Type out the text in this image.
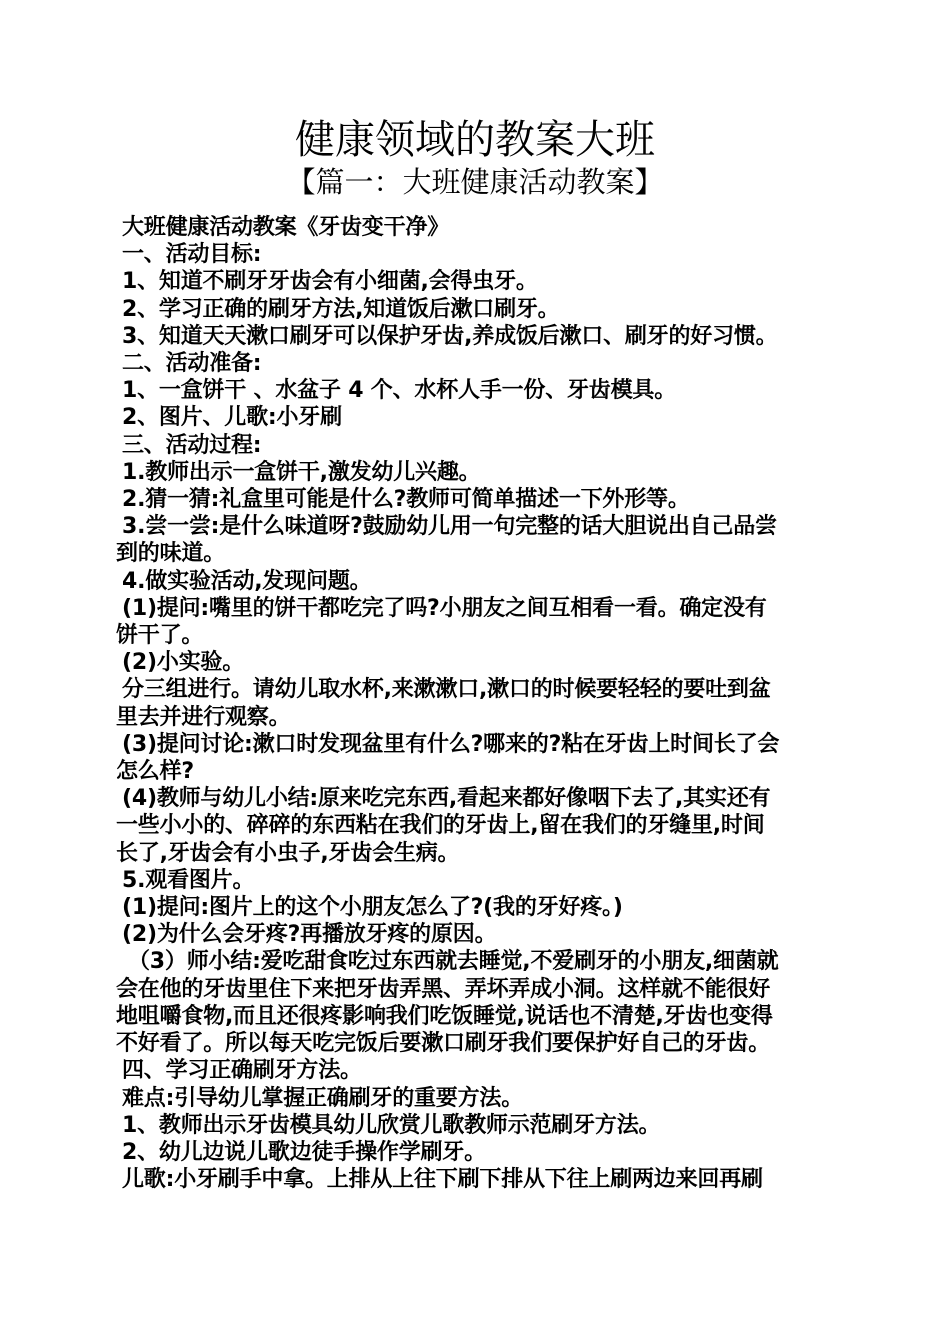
健康领域的教案大班
【篇一：大班健康活动教案】

大班健康活动教案《牙齿变干净》

一、活动目标:

1、知道不刷牙牙齿会有小细菌,会得虫牙。

2、学习正确的刷牙方法,知道饭后漱口刷牙。

3、知道天天漱口刷牙可以保护牙齿,养成饭后漱口、刷牙的好习惯。

二、活动准备:

1、一盒饼干 、水盆子 4 个、水杯人手一份、牙齿模具。

2、图片、儿歌:小牙刷

三、活动过程:

1.教师出示一盒饼干,激发幼儿兴趣。

2.猜一猜:礼盒里可能是什么?教师可简单描述一下外形等。

3.尝一尝:是什么味道呀?鼓励幼儿用一句完整的话大胆说出自己品尝

到的味道。

4.做实验活动,发现问题。

(1)提问:嘴里的饼干都吃完了吗?小朋友之间互相看一看。确定没有

饼干了。

(2)小实验。

分三组进行。请幼儿取水杯,来漱漱口,漱口的时候要轻轻的要吐到盆

里去并进行观察。

(3)提问讨论:漱口时发现盆里有什么?哪来的?粘在牙齿上时间长了会

怎么样?

(4)教师与幼儿小结:原来吃完东西,看起来都好像咽下去了,其实还有

一些小小的、碎碎的东西粘在我们的牙齿上,留在我们的牙缝里,时间

长了,牙齿会有小虫子,牙齿会生病。

5.观看图片。

(1)提问:图片上的这个小朋友怎么了?(我的牙好疼。)

(2)为什么会牙疼?再播放牙疼的原因。

（3）师小结:爱吃甜食吃过东西就去睡觉,不爱刷牙的小朋友,细菌就

会在他的牙齿里住下来把牙齿弄黑、弄坏弄成小洞。这样就不能很好

地咀嚼食物,而且还很疼影响我们吃饭睡觉,说话也不清楚,牙齿也变得

不好看了。所以每天吃完饭后要漱口刷牙我们要保护好自己的牙齿。

四、学习正确刷牙方法。

难点:引导幼儿掌握正确刷牙的重要方法。

1、教师出示牙齿模具幼儿欣赏儿歌教师示范刷牙方法。

2、幼儿边说儿歌边徒手操作学刷牙。

儿歌:小牙刷手中拿。上排从上往下刷下排从下往上刷两边来回再刷
